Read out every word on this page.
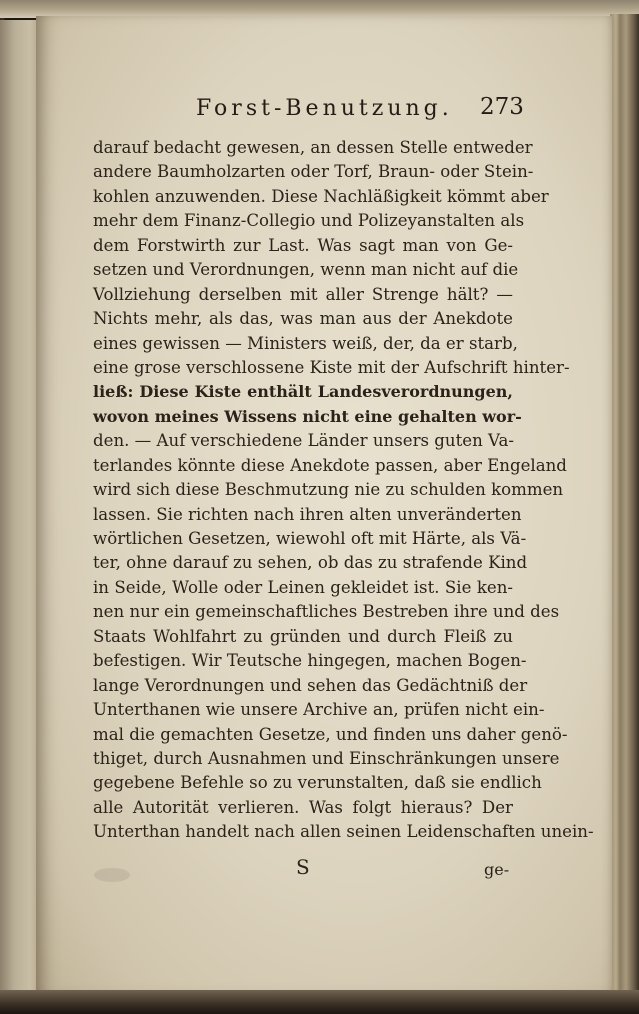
Forst-Benutzung. 273
darauf bedacht gewesen, an dessen Stelle entweder
andere Baumholzarten oder Torf, Braun- oder Stein-
kohlen anzuwenden. Diese Nachläßigkeit kömmt aber
mehr dem Finanz-Collegio und Polizeyanstalten als
dem Forstwirth zur Last. Was sagt man von Ge-
setzen und Verordnungen, wenn man nicht auf die
Vollziehung derselben mit aller Strenge hält? —
Nichts mehr, als das, was man aus der Anekdote
eines gewissen — Ministers weiß, der, da er starb,
eine grose verschlossene Kiste mit der Aufschrift hinter-
ließ: Diese Kiste enthält Landesverordnungen,
wovon meines Wissens nicht eine gehalten wor-
den. — Auf verschiedene Länder unsers guten Va-
terlandes könnte diese Anekdote passen, aber Engeland
wird sich diese Beschmutzung nie zu schulden kommen
lassen. Sie richten nach ihren alten unveränderten
wörtlichen Gesetzen, wiewohl oft mit Härte, als Vä-
ter, ohne darauf zu sehen, ob das zu strafende Kind
in Seide, Wolle oder Leinen gekleidet ist. Sie ken-
nen nur ein gemeinschaftliches Bestreben ihre und des
Staats Wohlfahrt zu gründen und durch Fleiß zu
befestigen. Wir Teutsche hingegen, machen Bogen-
lange Verordnungen und sehen das Gedächtniß der
Unterthanen wie unsere Archive an, prüfen nicht ein-
mal die gemachten Gesetze, und finden uns daher genö-
thiget, durch Ausnahmen und Einschränkungen unsere
gegebene Befehle so zu verunstalten, daß sie endlich
alle Autorität verlieren. Was folgt hieraus? Der
Unterthan handelt nach allen seinen Leidenschaften unein-
S	ge-
